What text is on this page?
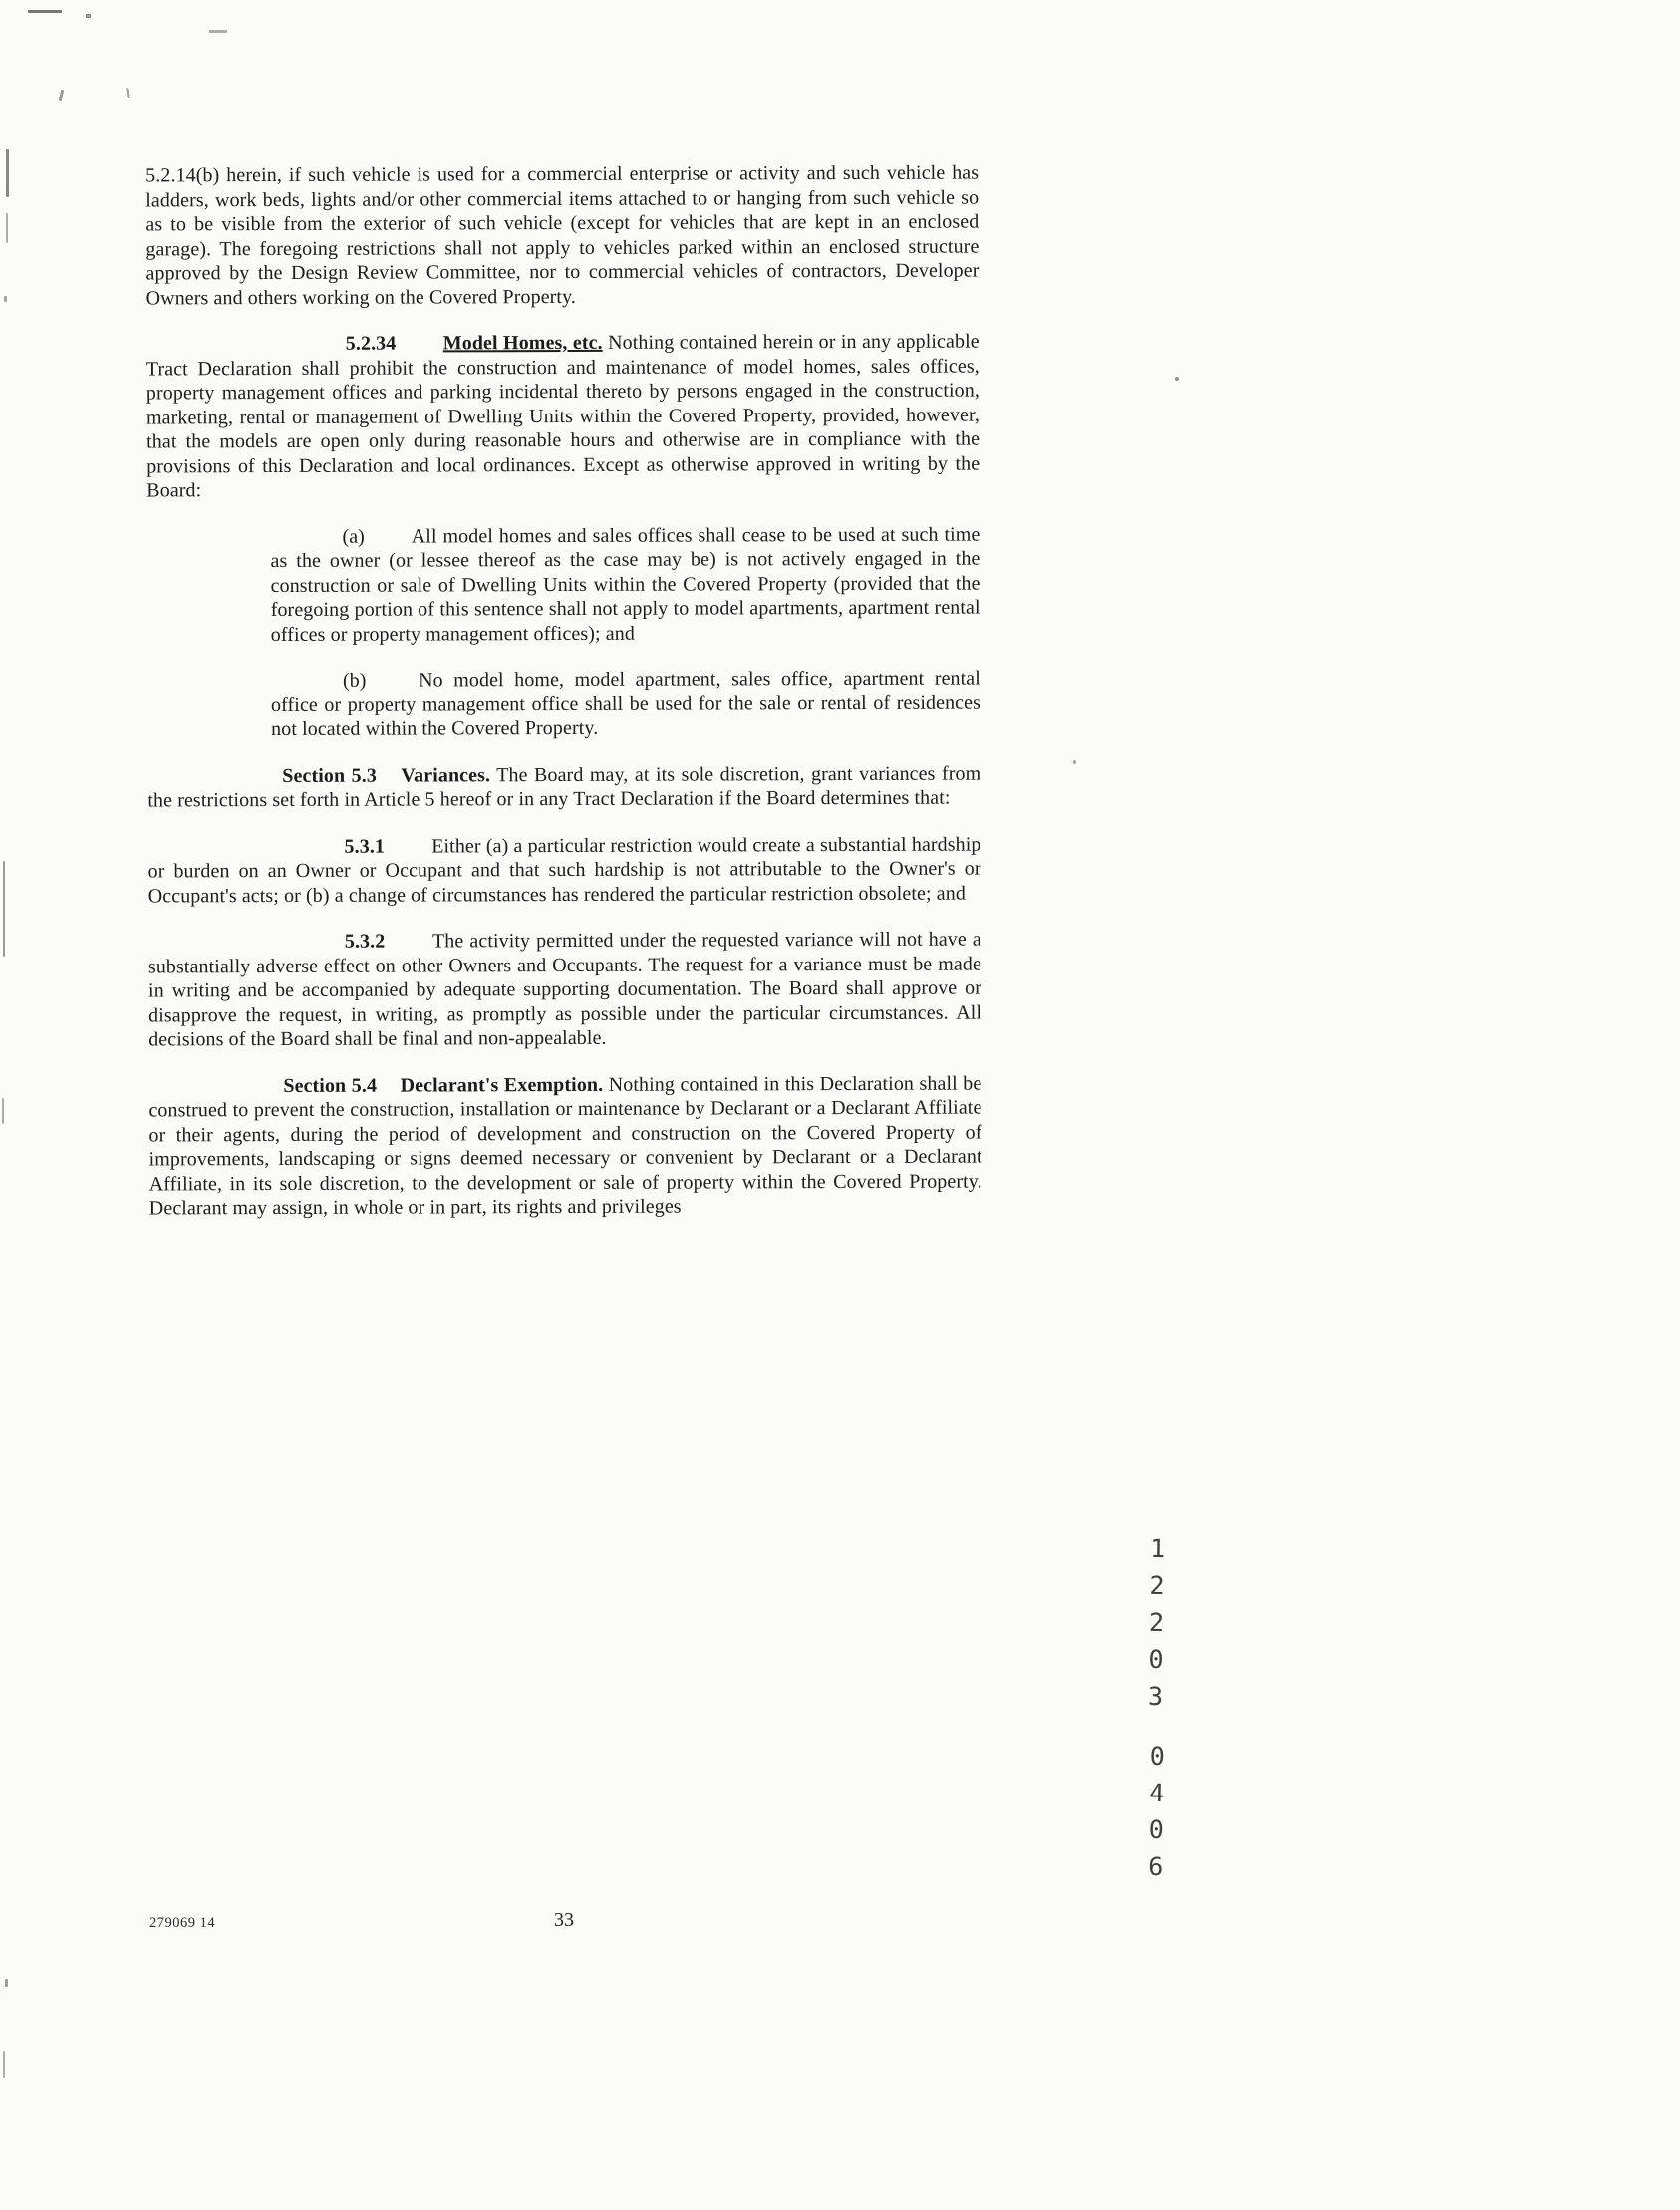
5.2.14(b) herein, if such vehicle is used for a commercial enterprise or activity and such vehicle has ladders, work beds, lights and/or other commercial items attached to or hanging from such vehicle so as to be visible from the exterior of such vehicle (except for vehicles that are kept in an enclosed garage). The foregoing restrictions shall not apply to vehicles parked within an enclosed structure approved by the Design Review Committee, nor to commercial vehicles of contractors, Developer Owners and others working on the Covered Property.

5.2.34 Model Homes, etc. Nothing contained herein or in any applicable Tract Declaration shall prohibit the construction and maintenance of model homes, sales offices, property management offices and parking incidental thereto by persons engaged in the construction, marketing, rental or management of Dwelling Units within the Covered Property, provided, however, that the models are open only during reasonable hours and otherwise are in compliance with the provisions of this Declaration and local ordinances. Except as otherwise approved in writing by the Board:

(a) All model homes and sales offices shall cease to be used at such time as the owner (or lessee thereof as the case may be) is not actively engaged in the construction or sale of Dwelling Units within the Covered Property (provided that the foregoing portion of this sentence shall not apply to model apartments, apartment rental offices or property management offices); and

(b)	No model home, model apartment, sales office, apartment rental office or property management office shall be used for the sale or rental of residences not located within the Covered Property.

Section 5.3 Variances. The Board may, at its sole discretion, grant variances from the restrictions set forth in Article 5 hereof or in any Tract Declaration if the Board determines that:

5.3.1 Either (a) a particular restriction would create a substantial hardship or burden on an Owner or Occupant and that such hardship is not attributable to the Owner's or Occupant's acts; or (b) a change of circumstances has rendered the particular restriction obsolete; and

5.3.2 The activity permitted under the requested variance will not have a substantially adverse effect on other Owners and Occupants. The request for a variance must be made in writing and be accompanied by adequate supporting documentation. The Board shall approve or disapprove the request, in writing, as promptly as possible under the particular circumstances. All decisions of the Board shall be final and non-appealable.

Section 5.4 Declarant's Exemption. Nothing contained in this Declaration shall be construed to prevent the construction, installation or maintenance by Declarant or a Declarant Affiliate or their agents, during the period of development and construction on the Covered Property of improvements, landscaping or signs deemed necessary or convenient by Declarant or a Declarant Affiliate, in its sole discretion, to the development or sale of property within the Covered Property. Declarant may assign, in whole or in part, its rights and privileges

12203
0406
279069 14	33
